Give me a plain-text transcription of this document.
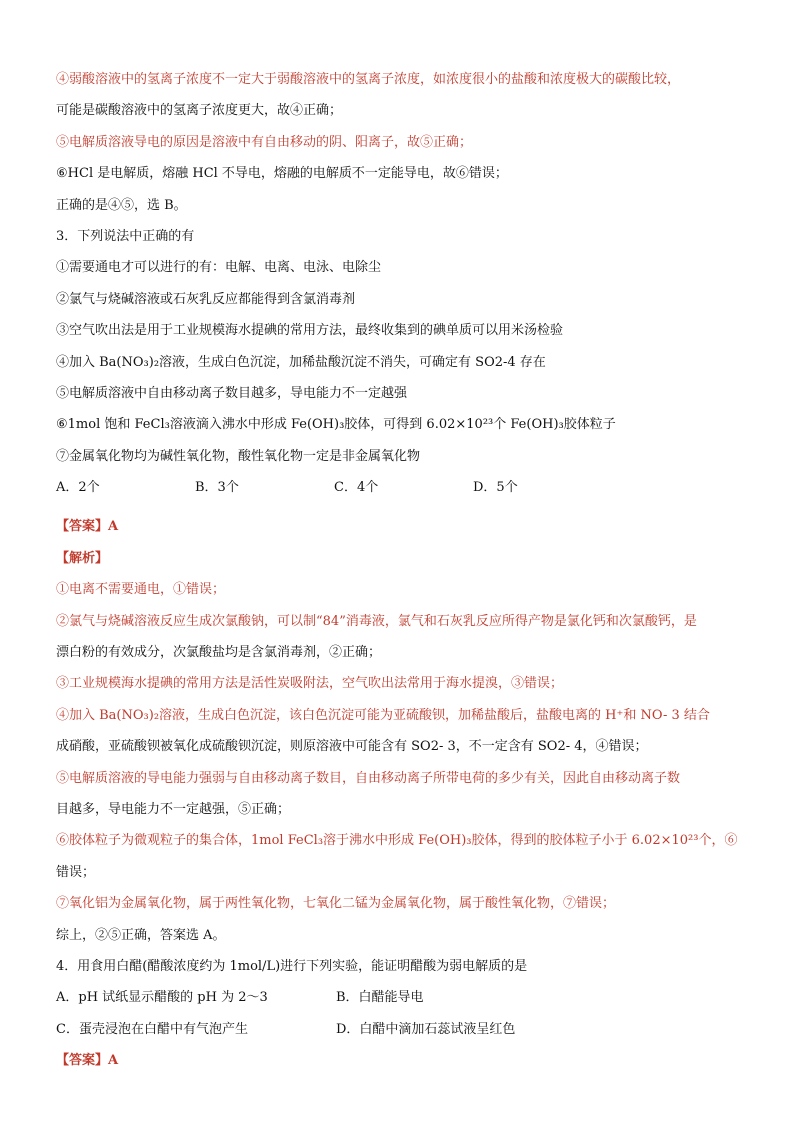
④弱酸溶液中的氢离子浓度不一定大于弱酸溶液中的氢离子浓度，如浓度很小的盐酸和浓度极大的碳酸比较，
可能是碳酸溶液中的氢离子浓度更大，故④正确；
⑤电解质溶液导电的原因是溶液中有自由移动的阴、阳离子，故⑤正确；
⑥HCl 是电解质，熔融 HCl 不导电，熔融的电解质不一定能导电，故⑥错误；
正确的是④⑤，选 B。
3．下列说法中正确的有
①需要通电才可以进行的有：电解、电离、电泳、电除尘
②氯气与烧碱溶液或石灰乳反应都能得到含氯消毒剂
③空气吹出法是用于工业规模海水提碘的常用方法，最终收集到的碘单质可以用米汤检验
④加入 Ba(NO₃)₂溶液，生成白色沉淀，加稀盐酸沉淀不消失，可确定有 SO2-4 存在
⑤电解质溶液中自由移动离子数目越多，导电能力不一定越强
⑥1mol 饱和 FeCl₃溶液滴入沸水中形成 Fe(OH)₃胶体，可得到 6.02×10²³个 Fe(OH)₃胶体粒子
⑦金属氧化物均为碱性氧化物，酸性氧化物一定是非金属氧化物
A．2个	B．3个	C．4个	D．5个
【答案】A
【解析】
①电离不需要通电，①错误；
②氯气与烧碱溶液反应生成次氯酸钠，可以制“84”消毒液，氯气和石灰乳反应所得产物是氯化钙和次氯酸钙，是
漂白粉的有效成分，次氯酸盐均是含氯消毒剂，②正确；
③工业规模海水提碘的常用方法是活性炭吸附法，空气吹出法常用于海水提溴，③错误；
④加入 Ba(NO₃)₂溶液，生成白色沉淀，该白色沉淀可能为亚硫酸钡，加稀盐酸后，盐酸电离的 H⁺和 NO- 3 结合
成硝酸，亚硫酸钡被氧化成硫酸钡沉淀，则原溶液中可能含有 SO2- 3，不一定含有 SO2- 4，④错误；
⑤电解质溶液的导电能力强弱与自由移动离子数目，自由移动离子所带电荷的多少有关，因此自由移动离子数
目越多，导电能力不一定越强，⑤正确；
⑥胶体粒子为微观粒子的集合体，1mol FeCl₃溶于沸水中形成 Fe(OH)₃胶体，得到的胶体粒子小于 6.02×10²³个，⑥
错误；
⑦氧化铝为金属氧化物，属于两性氧化物，七氧化二锰为金属氧化物，属于酸性氧化物，⑦错误；
综上，②⑤正确，答案选 A。
4．用食用白醋(醋酸浓度约为 1mol/L)进行下列实验，能证明醋酸为弱电解质的是
A．pH 试纸显示醋酸的 pH 为 2～3	B．白醋能导电
C．蛋壳浸泡在白醋中有气泡产生	D．白醋中滴加石蕊试液呈红色
【答案】A
